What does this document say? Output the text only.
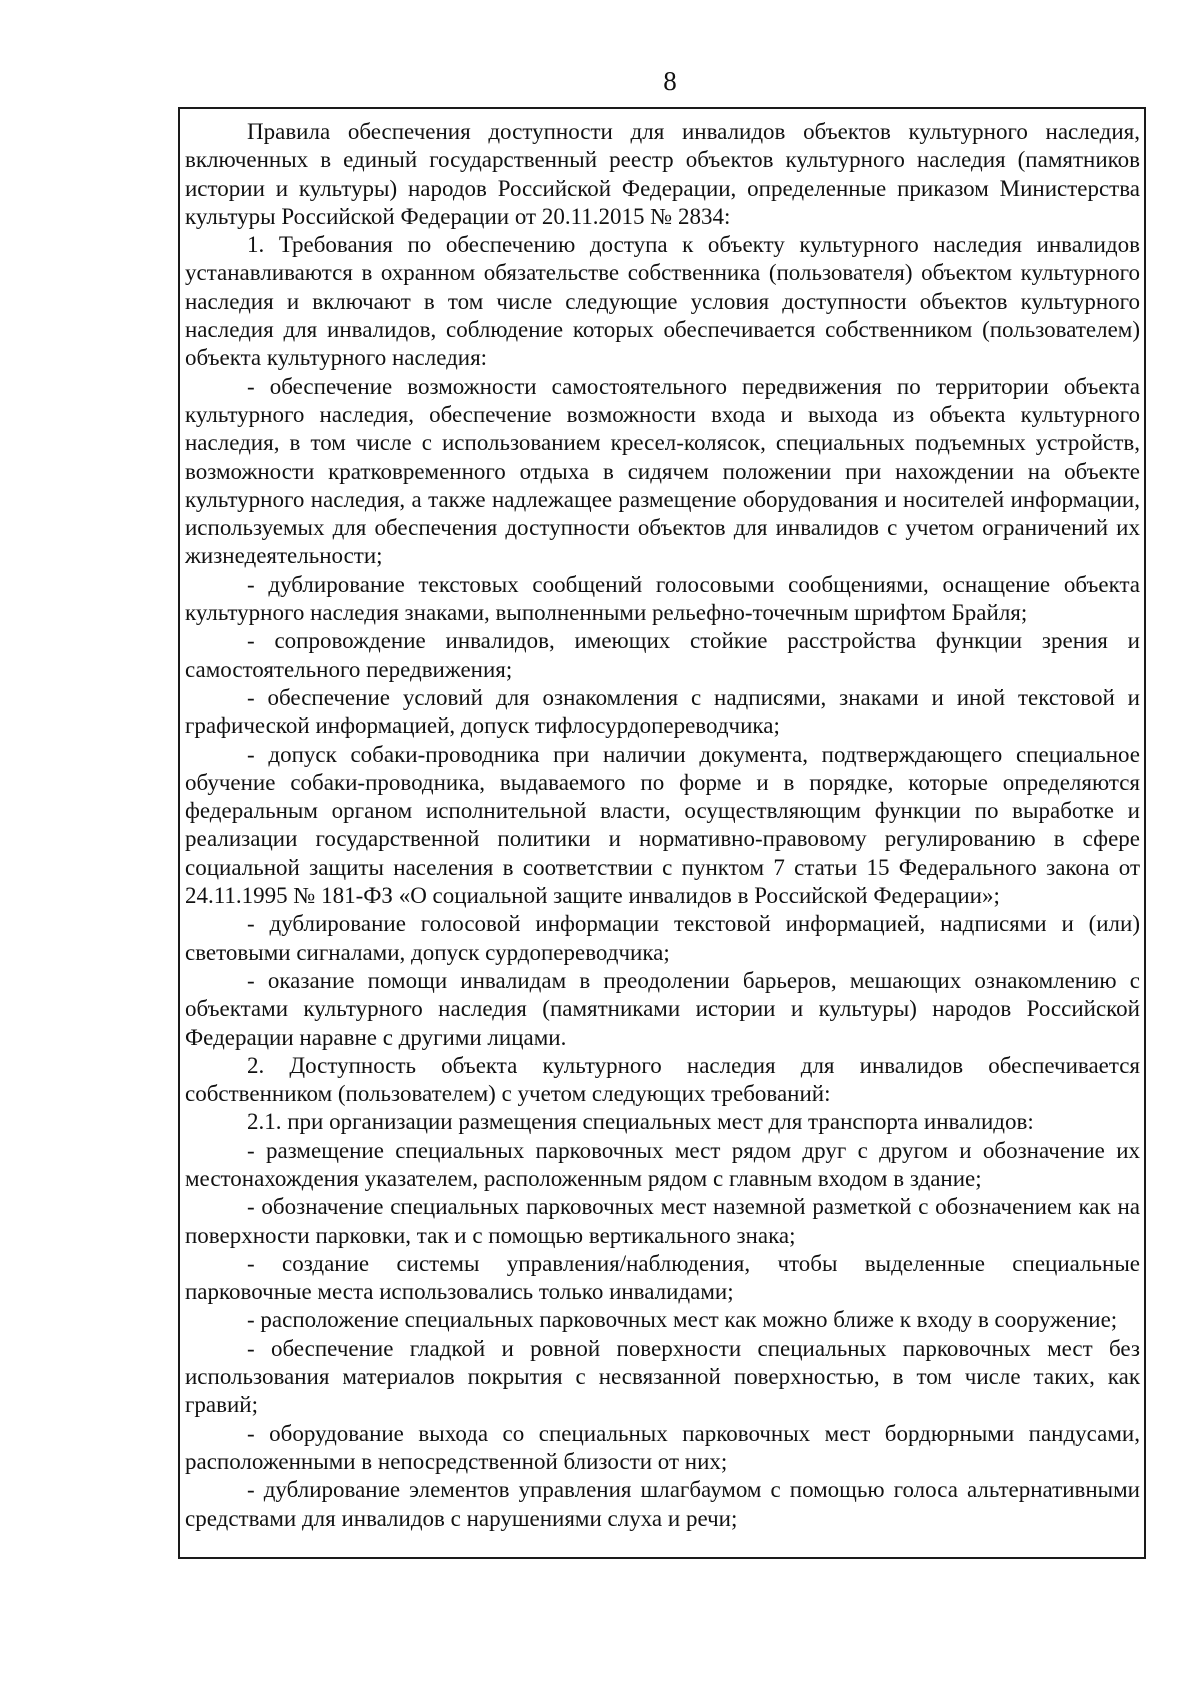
8

Правила обеспечения доступности для инвалидов объектов культурного наследия, включенных в единый государственный реестр объектов культурного наследия (памятников истории и культуры) народов Российской Федерации, определенные приказом Министерства культуры Российской Федерации от 20.11.2015 № 2834:

1. Требования по обеспечению доступа к объекту культурного наследия инвалидов устанавливаются в охранном обязательстве собственника (пользователя) объектом культурного наследия и включают в том числе следующие условия доступности объектов культурного наследия для инвалидов, соблюдение которых обеспечивается собственником (пользователем) объекта культурного наследия:

- обеспечение возможности самостоятельного передвижения по территории объекта культурного наследия, обеспечение возможности входа и выхода из объекта культурного наследия, в том числе с использованием кресел-колясок, специальных подъемных устройств, возможности кратковременного отдыха в сидячем положении при нахождении на объекте культурного наследия, а также надлежащее размещение оборудования и носителей информации, используемых для обеспечения доступности объектов для инвалидов с учетом ограничений их жизнедеятельности;

- дублирование текстовых сообщений голосовыми сообщениями, оснащение объекта культурного наследия знаками, выполненными рельефно-точечным шрифтом Брайля;

- сопровождение инвалидов, имеющих стойкие расстройства функции зрения и самостоятельного передвижения;

- обеспечение условий для ознакомления с надписями, знаками и иной текстовой и графической информацией, допуск тифлосурдопереводчика;

- допуск собаки-проводника при наличии документа, подтверждающего специальное обучение собаки-проводника, выдаваемого по форме и в порядке, которые определяются федеральным органом исполнительной власти, осуществляющим функции по выработке и реализации государственной политики и нормативно-правовому регулированию в сфере социальной защиты населения в соответствии с пунктом 7 статьи 15 Федерального закона от 24.11.1995 № 181-ФЗ «О социальной защите инвалидов в Российской Федерации»;

- дублирование голосовой информации текстовой информацией, надписями и (или) световыми сигналами, допуск сурдопереводчика;

- оказание помощи инвалидам в преодолении барьеров, мешающих ознакомлению с объектами культурного наследия (памятниками истории и культуры) народов Российской Федерации наравне с другими лицами.

2. Доступность объекта культурного наследия для инвалидов обеспечивается собственником (пользователем) с учетом следующих требований:

2.1. при организации размещения специальных мест для транспорта инвалидов:

- размещение специальных парковочных мест рядом друг с другом и обозначение их местонахождения указателем, расположенным рядом с главным входом в здание;

- обозначение специальных парковочных мест наземной разметкой с обозначением как на поверхности парковки, так и с помощью вертикального знака;

- создание системы управления/наблюдения, чтобы выделенные специальные парковочные места использовались только инвалидами;

- расположение специальных парковочных мест как можно ближе к входу в сооружение;

- обеспечение гладкой и ровной поверхности специальных парковочных мест без использования материалов покрытия с несвязанной поверхностью, в том числе таких, как гравий;

- оборудование выхода со специальных парковочных мест бордюрными пандусами, расположенными в непосредственной близости от них;

- дублирование элементов управления шлагбаумом с помощью голоса альтернативными средствами для инвалидов с нарушениями слуха и речи;
